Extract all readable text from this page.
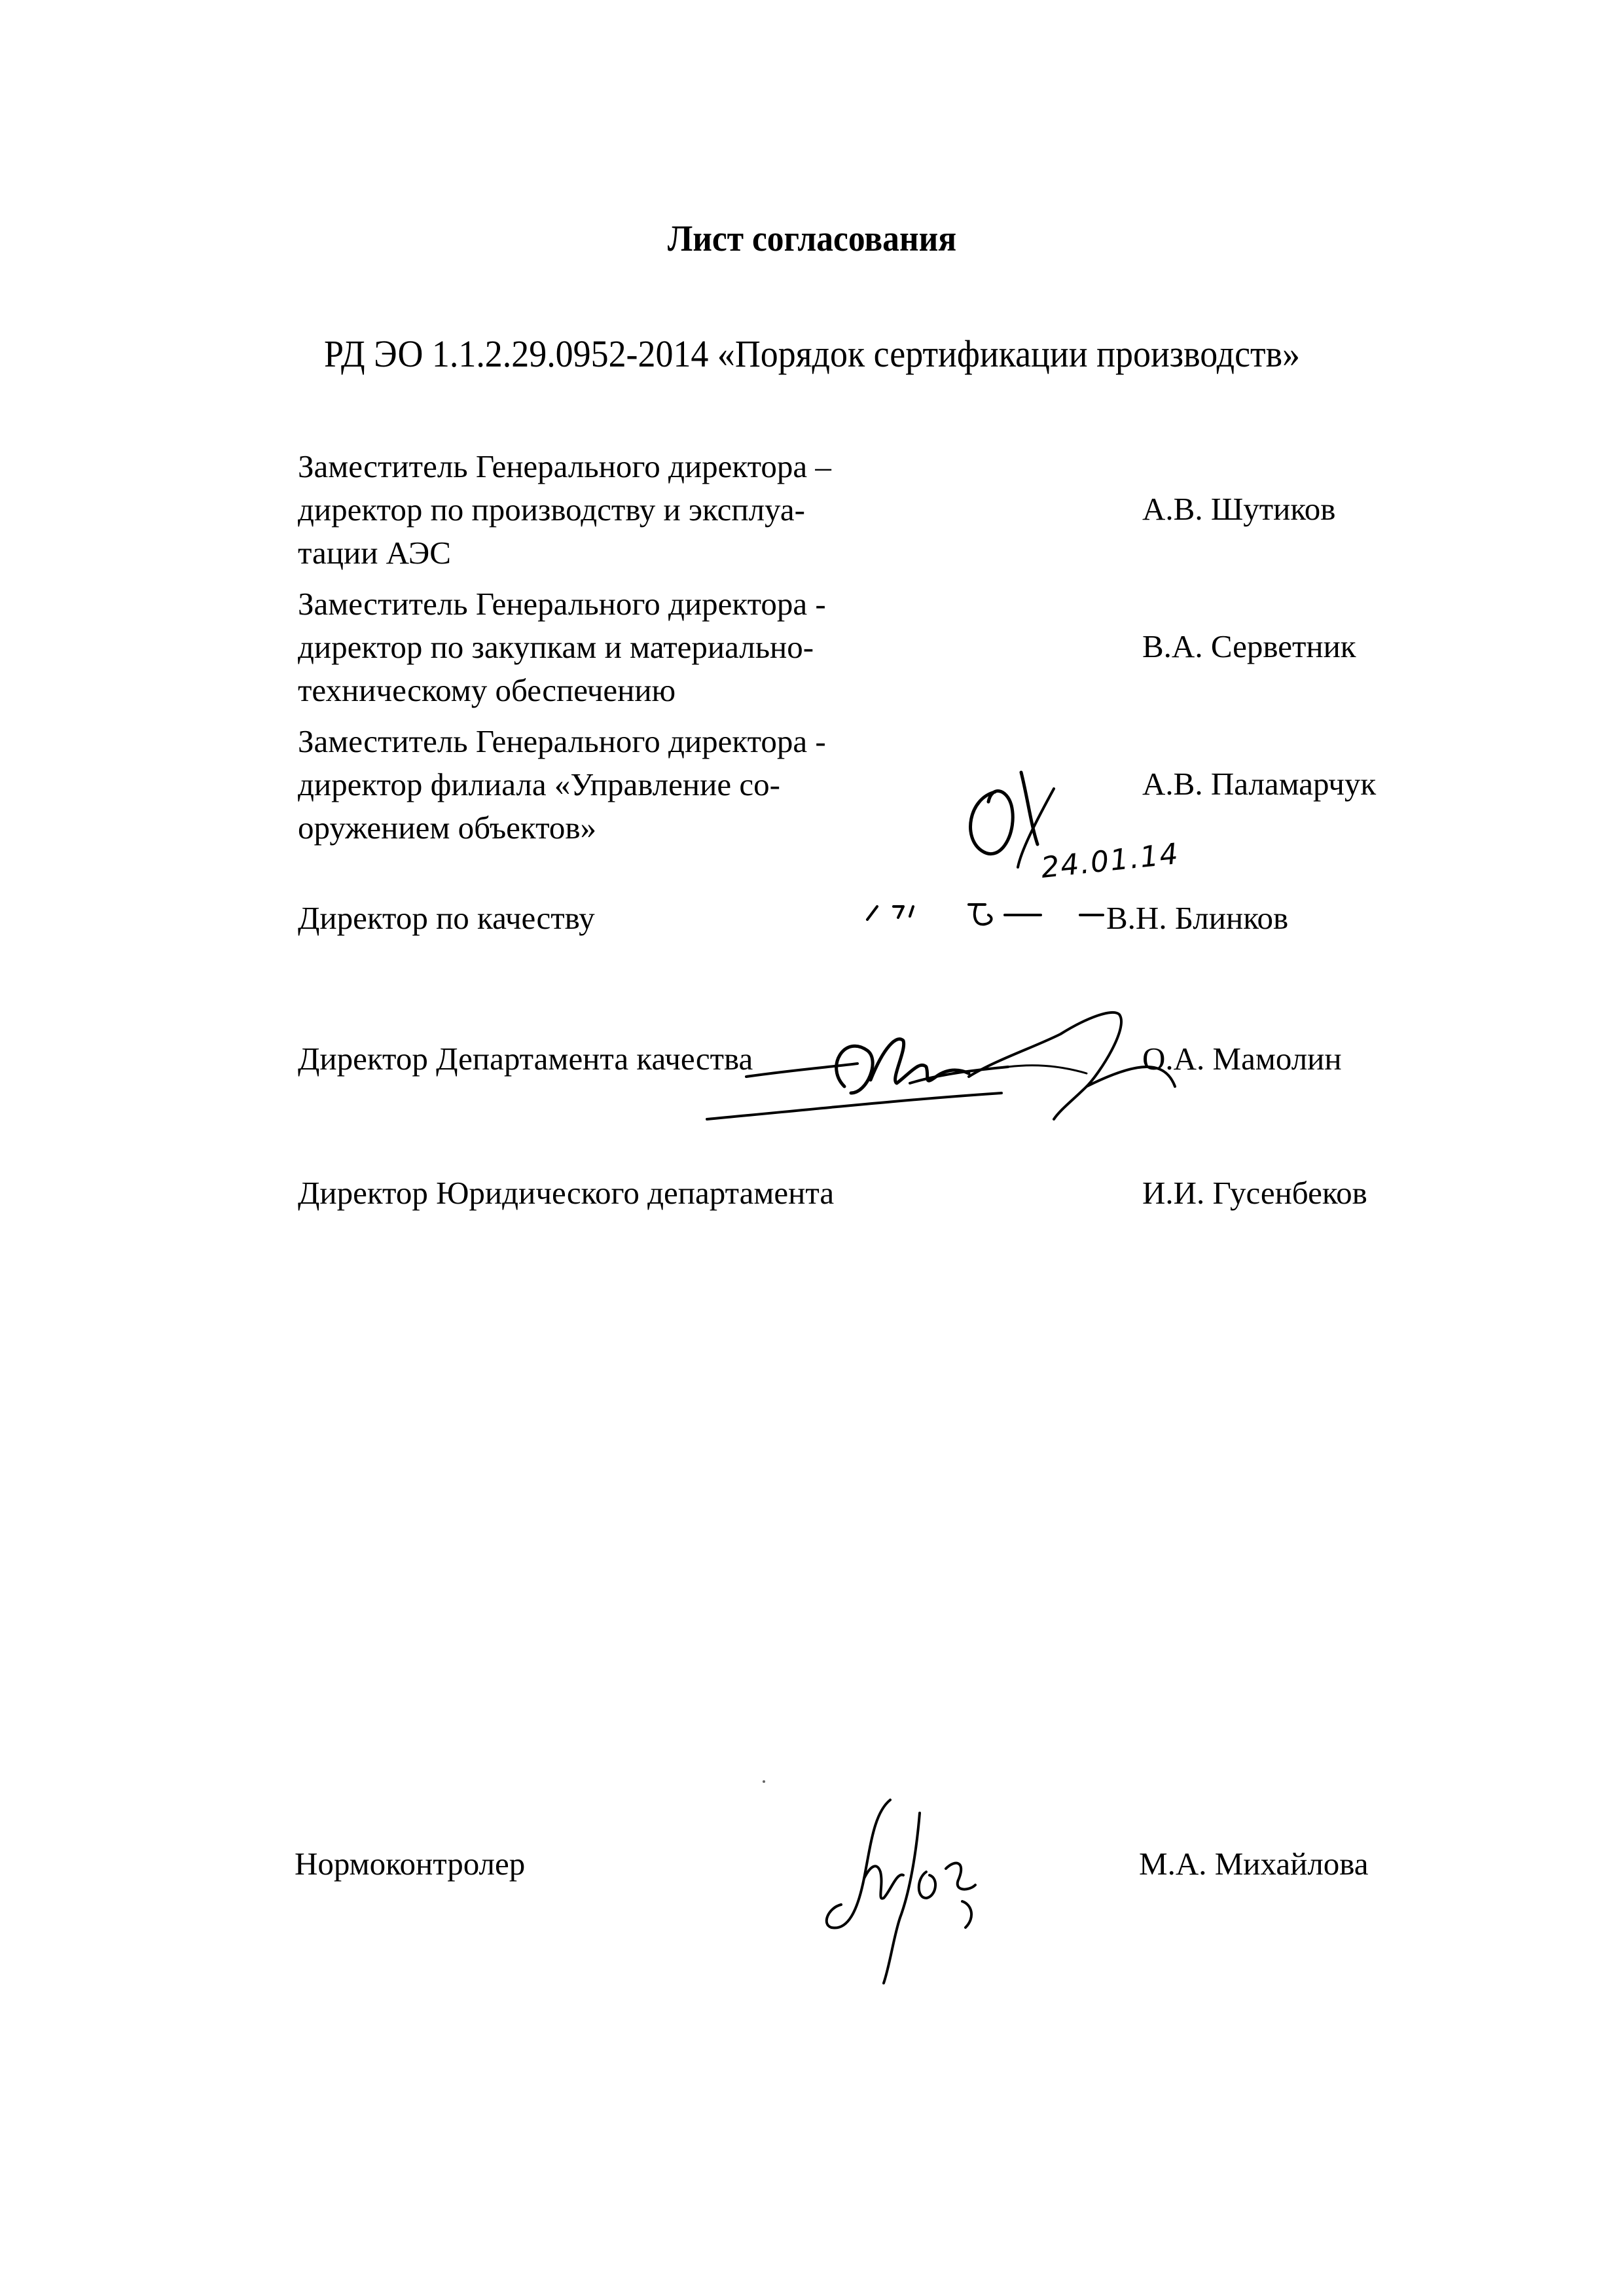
Лист согласования
РД ЭО 1.1.2.29.0952-2014 «Порядок сертификации производств»
Заместитель Генерального директора –
директор по производству и эксплуа-
тации АЭС
А.В. Шутиков
Заместитель Генерального директора -
директор по закупкам и материально-
техническому обеспечению
В.А. Серветник
Заместитель Генерального директора -
директор филиала «Управление со-
оружением объектов»
А.В. Паламарчук
24.01.14
Директор по качеству	В.Н. Блинков
Директор Департамента качества	О.А. Мамолин
Директор Юридического департамента	И.И. Гусенбеков
Нормоконтролер	М.А. Михайлова
